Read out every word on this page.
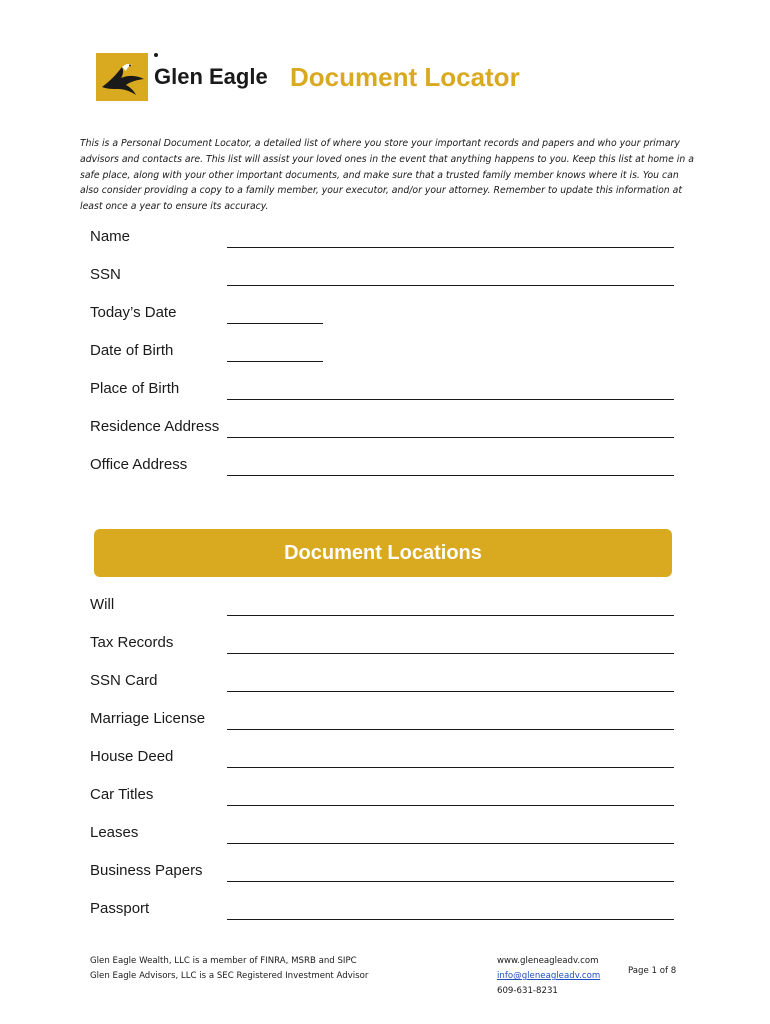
Glen Eagle Document Locator
This is a Personal Document Locator, a detailed list of where you store your important records and papers and who your primary advisors and contacts are. This list will assist your loved ones in the event that anything happens to you. Keep this list at home in a safe place, along with your other important documents, and make sure that a trusted family member knows where it is. You can also consider providing a copy to a family member, your executor, and/or your attorney. Remember to update this information at least once a year to ensure its accuracy.
Name
SSN
Today’s Date
Date of Birth
Place of Birth
Residence Address
Office Address
Document Locations
Will
Tax Records
SSN Card
Marriage License
House Deed
Car Titles
Leases
Business Papers
Passport
Glen Eagle Wealth, LLC is a member of FINRA, MSRB and SIPC
Glen Eagle Advisors, LLC is a SEC Registered Investment Advisor
www.gleneagleadv.com
info@gleneagleadv.com
609-631-8231
Page 1 of 8
